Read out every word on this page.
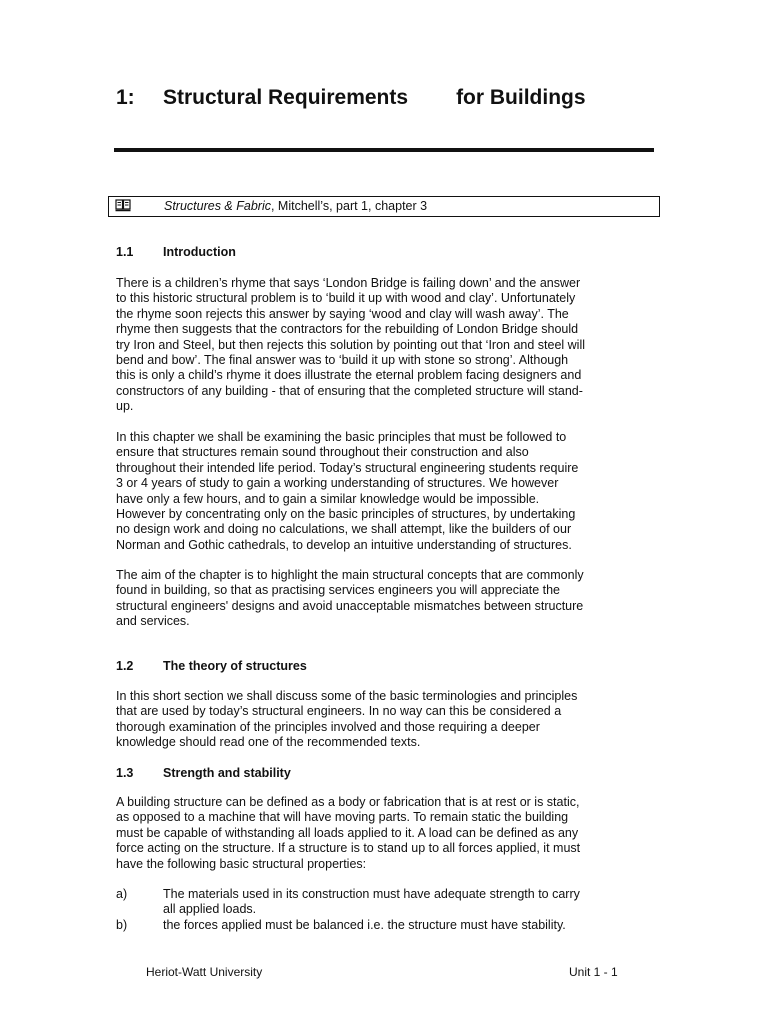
1: Structural Requirements for Buildings
Structures & Fabric, Mitchell’s, part 1, chapter 3
1.1 Introduction

There is a children’s rhyme that says ‘London Bridge is failing down’ and the answer
to this historic structural problem is to ‘build it up with wood and clay’. Unfortunately
the rhyme soon rejects this answer by saying ‘wood and clay will wash away’. The
rhyme then suggests that the contractors for the rebuilding of London Bridge should
try Iron and Steel, but then rejects this solution by pointing out that ‘Iron and steel will
bend and bow’. The final answer was to ‘build it up with stone so strong’. Although
this is only a child’s rhyme it does illustrate the eternal problem facing designers and
constructors of any building - that of ensuring that the completed structure will stand-
up.

In this chapter we shall be examining the basic principles that must be followed to
ensure that structures remain sound throughout their construction and also
throughout their intended life period. Today’s structural engineering students require
3 or 4 years of study to gain a working understanding of structures. We however
have only a few hours, and to gain a similar knowledge would be impossible.
However by concentrating only on the basic principles of structures, by undertaking
no design work and doing no calculations, we shall attempt, like the builders of our
Norman and Gothic cathedrals, to develop an intuitive understanding of structures.

The aim of the chapter is to highlight the main structural concepts that are commonly
found in building, so that as practising services engineers you will appreciate the
structural engineers' designs and avoid unacceptable mismatches between structure
and services.

1.2 The theory of structures

In this short section we shall discuss some of the basic terminologies and principles
that are used by today’s structural engineers. In no way can this be considered a
thorough examination of the principles involved and those requiring a deeper
knowledge should read one of the recommended texts.

1.3 Strength and stability

A building structure can be defined as a body or fabrication that is at rest or is static,
as opposed to a machine that will have moving parts. To remain static the building
must be capable of withstanding all loads applied to it. A load can be defined as any
force acting on the structure. If a structure is to stand up to all forces applied, it must
have the following basic structural properties:

a)	The materials used in its construction must have adequate strength to carry
all applied loads.
b)	the forces applied must be balanced i.e. the structure must have stability.
Heriot-Watt University	Unit 1 - 1
